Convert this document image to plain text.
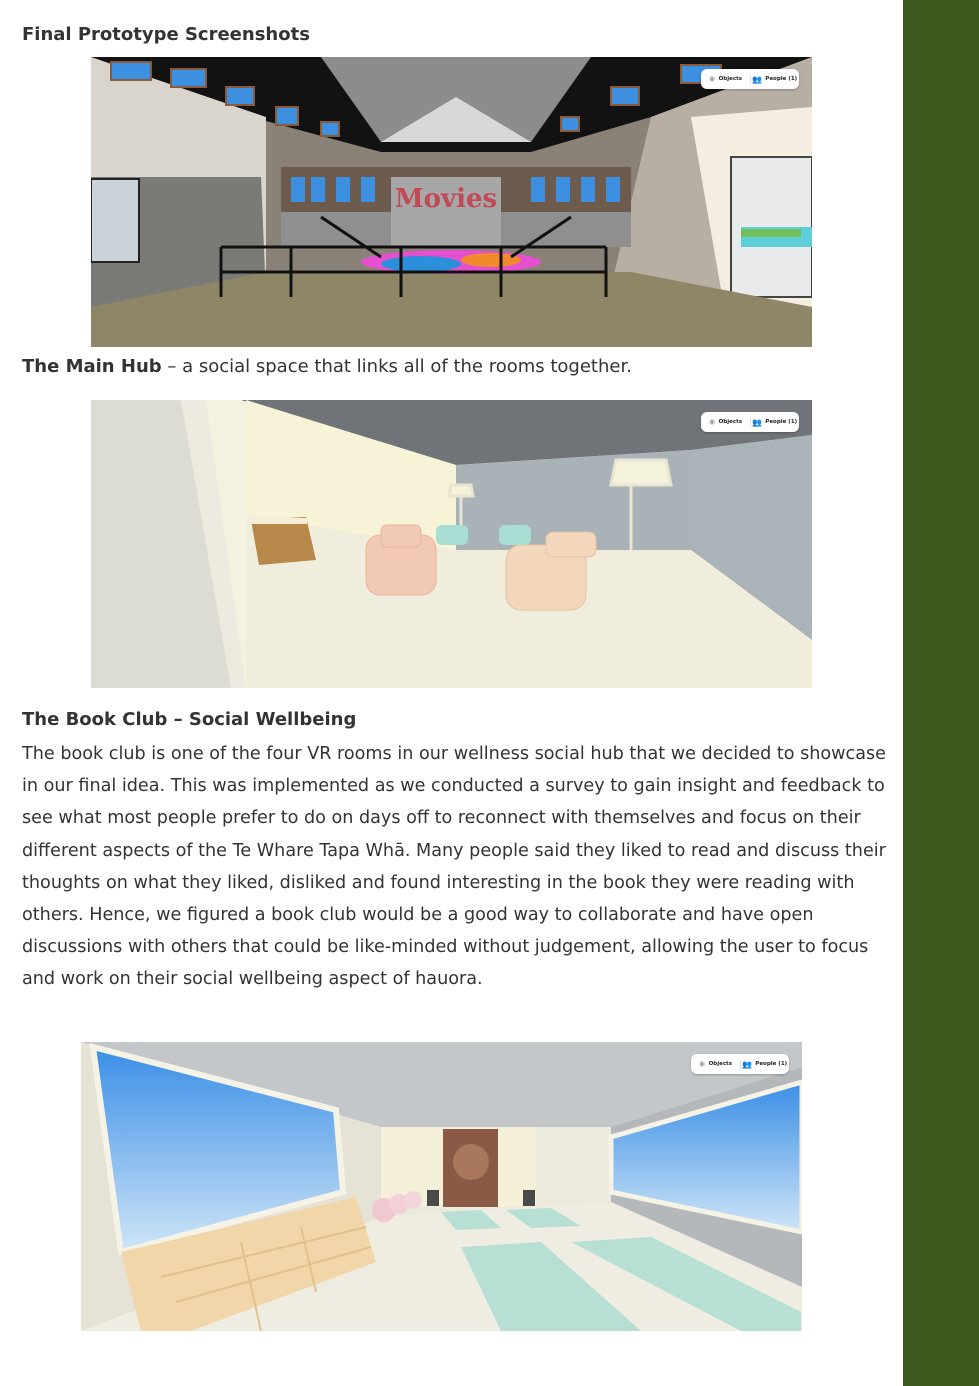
Final Prototype Screenshots
Movies
⚛ Objects 👥 People (1)
The Main Hub – a social space that links all of the rooms together.
⚛ Objects 👥 People (1)
The Book Club – Social Wellbeing

The book club is one of the four VR rooms in our wellness social hub that we decided to showcase in our final idea. This was implemented as we conducted a survey to gain insight and feedback to see what most people prefer to do on days off to reconnect with themselves and focus on their different aspects of the Te Whare Tapa Whā. Many people said they liked to read and discuss their thoughts on what they liked, disliked and found interesting in the book they were reading with others. Hence, we figured a book club would be a good way to collaborate and have open discussions with others that could be like-minded without judgement, allowing the user to focus and work on their social wellbeing aspect of hauora.

⚛ Objects 👥 People (1)
